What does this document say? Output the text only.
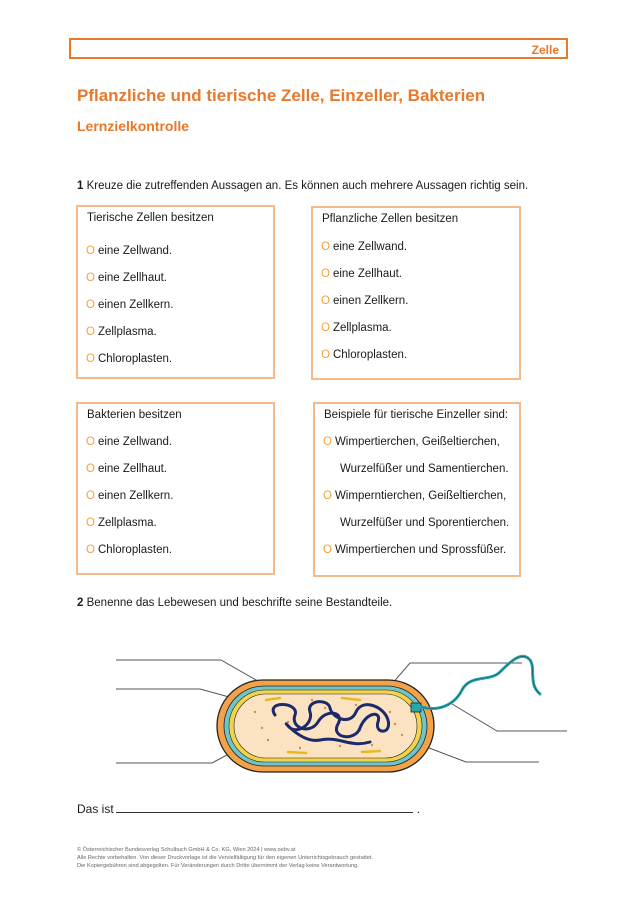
Zelle
Pflanzliche und tierische Zelle, Einzeller, Bakterien
Lernzielkontrolle
1 Kreuze die zutreffenden Aussagen an. Es können auch mehrere Aussagen richtig sein.
Tierische Zellen besitzen
O eine Zellwand.
O eine Zellhaut.
O einen Zellkern.
O Zellplasma.
O Chloroplasten.
Pflanzliche Zellen besitzen
O eine Zellwand.
O eine Zellhaut.
O einen Zellkern.
O Zellplasma.
O Chloroplasten.
Bakterien besitzen
O eine Zellwand.
O eine Zellhaut.
O einen Zellkern.
O Zellplasma.
O Chloroplasten.
Beispiele für tierische Einzeller sind:
O Wimpertierchen, Geißeltierchen,
Wurzelfüßer und Samentierchen.
O Wimperntierchen, Geißeltierchen,
Wurzelfüßer und Sporentierchen.
O Wimpertierchen und Sprossfüßer.
2 Benenne das Lebewesen und beschrifte seine Bestandteile.
Das ist	.
© Österreichischer Bundesverlag Schulbuch GmbH & Co. KG, Wien 2024 | www.oebv.at
Alle Rechte vorbehalten. Von dieser Druckvorlage ist die Vervielfältigung für den eigenen Unterrichtsgebrauch gestattet.
Die Kopiergebühren sind abgegolten. Für Veränderungen durch Dritte übernimmt der Verlag keine Verantwortung.
